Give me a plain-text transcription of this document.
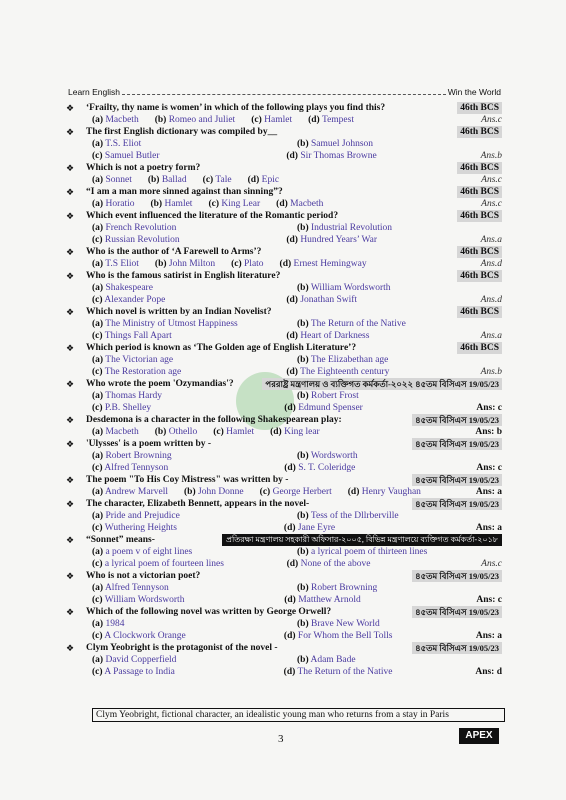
Learn English	Win the World
❖	‘Frailty, thy name is women’ in which of the following plays you find this?	46th BCS
(a) Macbeth (b) Romeo and Juliet (c) Hamlet (d) Tempest	Ans.c
❖	The first English dictionary was compiled by__	46th BCS
(a) T.S. Eliot	(b) Samuel Johnson
(c) Samuel Butler	(d) Sir Thomas Browne	Ans.b
❖	Which is not a poetry form?	46th BCS
(a) Sonnet (b) Ballad (c) Tale (d) Epic	Ans.c
❖	“I am a man more sinned against than sinning”?	46th BCS
(a) Horatio (b) Hamlet (c) King Lear (d) Macbeth	Ans.c
❖	Which event influenced the literature of the Romantic period?	46th BCS
(a) French Revolution	(b) Industrial Revolution
(c) Russian Revolution	(d) Hundred Years’ War	Ans.a
❖	Who is the author of ‘A Farewell to Arms’?	46th BCS
(a) T.S Eliot (b) John Milton (c) Plato (d) Ernest Hemingway	Ans.d
❖	Who is the famous satirist in English literature?	46th BCS
(a) Shakespeare	(b) William Wordsworth
(c) Alexander Pope	(d) Jonathan Swift	Ans.d
❖	Which novel is written by an Indian Novelist?	46th BCS
(a) The Ministry of Utmost Happiness	(b) The Return of the Native
(c) Things Fall Apart	(d) Heart of Darkness	Ans.a
❖	Which period is known as ‘The Golden age of English Literature’?	46th BCS
(a) The Victorian age	(b) The Elizabethan age
(c) The Restoration age	(d) The Eighteenth century	Ans.b
❖	Who wrote the poem 'Ozymandias'?	পররাষ্ট্র মন্ত্রণালয় ও ব্যক্তিগত কর্মকর্তা-২০২২ ৪৫তম বিসিএস 19/05/23
(a) Thomas Hardy	(b) Robert Frost
(c) P.B. Shelley	(d) Edmund Spenser	Ans: c
❖	Desdemona is a character in the following Shakespearean play:	৪৫তম বিসিএস 19/05/23
(a) Macbeth (b) Othello (c) Hamlet (d) King lear	Ans: b
❖	'Ulysses' is a poem written by -	৪৫তম বিসিএস 19/05/23
(a) Robert Browning	(b) Wordsworth
(c) Alfred Tennyson	(d) S. T. Coleridge	Ans: c
❖	The poem "To His Coy Mistress" was written by -	৪৫তম বিসিএস 19/05/23
(a) Andrew Marvell (b) John Donne (c) George Herbert (d) Henry Vaughan	Ans: a
❖	The character, Elizabeth Bennett, appears in the novel-	৪৫তম বিসিএস 19/05/23
(a) Pride and Prejudice	(b) Tess of the Dllrberville
(c) Wuthering Heights	(d) Jane Eyre	Ans: a
❖	“Sonnet” means-	প্রতিরক্ষা মন্ত্রণালয় সহকারী অফিসার-২০০৫, বিভিন্ন মন্ত্রণালয়ে ব্যক্তিগত কর্মকর্তা-২০১৮
(a) a poem v of eight lines	(b) a lyrical poem of thirteen lines
(c) a lyrical poem of fourteen lines	(d) None of the above	Ans.c
❖	Who is not a victorian poet?	৪৫তম বিসিএস 19/05/23
(a) Alfred Tennyson	(b) Robert Browning
(c) William Wordsworth	(d) Matthew Arnold	Ans: c
❖	Which of the following novel was written by George Orwell?	৪৫তম বিসিএস 19/05/23
(a) 1984	(b) Brave New World
(c) A Clockwork Orange	(d) For Whom the Bell Tolls	Ans: a
❖	Clym Yeobright is the protagonist of the novel -	৪৫তম বিসিএস 19/05/23
(a) David Copperfield	(b) Adam Bade
(c) A Passage to India	(d) The Return of the Native	Ans: d
Clym Yeobright, fictional character, an idealistic young man who returns from a stay in Paris
3	APEX
